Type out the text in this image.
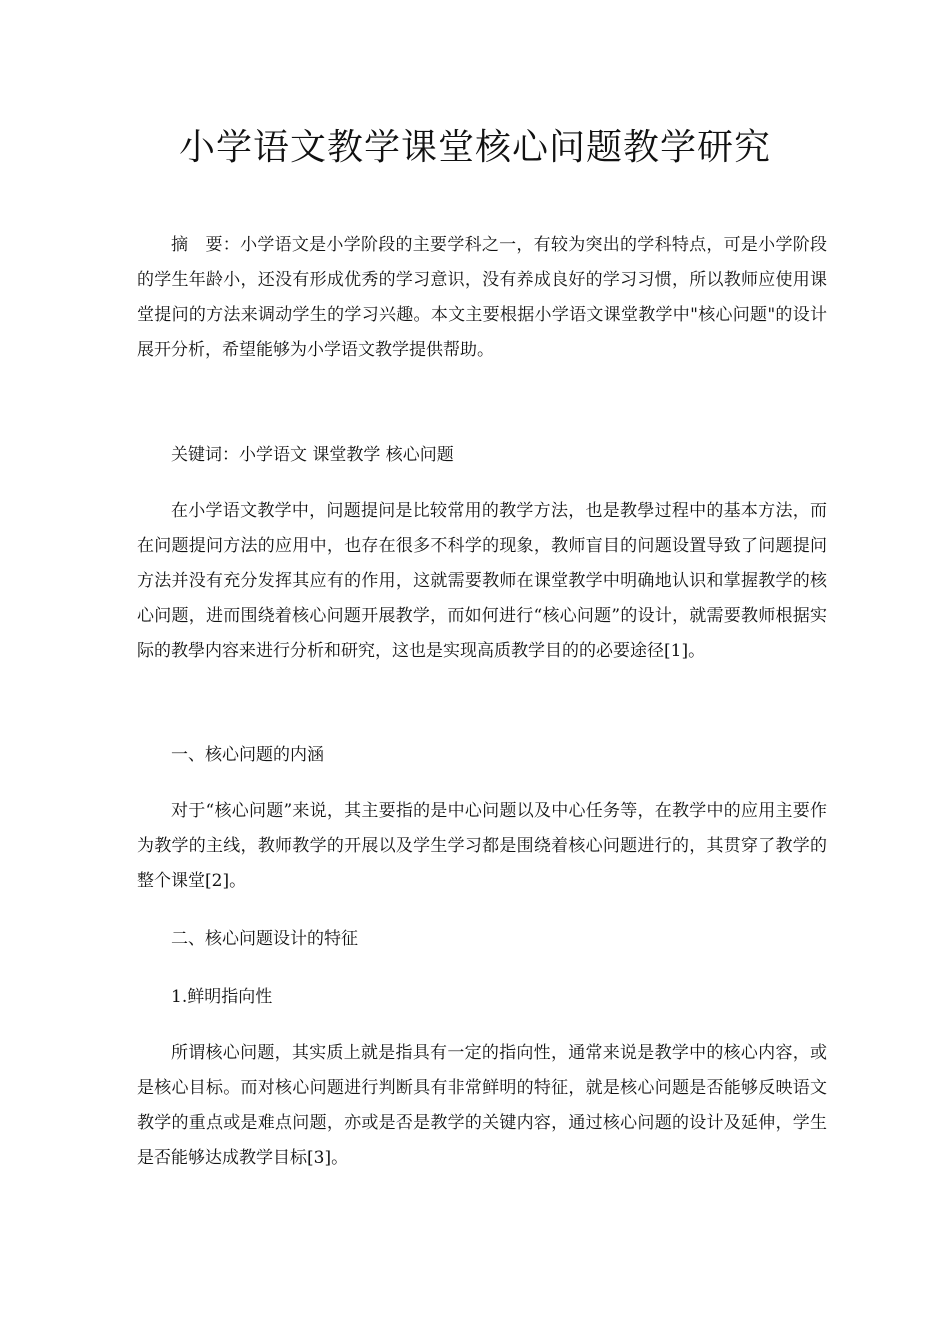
小学语文教学课堂核心问题教学研究

摘　要：小学语文是小学阶段的主要学科之一，有较为突出的学科特点，可是小学阶段的学生年龄小，还没有形成优秀的学习意识，没有养成良好的学习习惯，所以教师应使用课堂提问的方法来调动学生的学习兴趣。本文主要根据小学语文课堂教学中"核心问题"的设计展开分析，希望能够为小学语文教学提供帮助。

关键词：小学语文 课堂教学 核心问题

在小学语文教学中，问题提问是比较常用的教学方法，也是教學过程中的基本方法，而在问题提问方法的应用中，也存在很多不科学的现象，教师盲目的问题设置导致了问题提问方法并没有充分发挥其应有的作用，这就需要教师在课堂教学中明确地认识和掌握教学的核心问题，进而围绕着核心问题开展教学，而如何进行“核心问题”的设计，就需要教师根据实际的教學内容来进行分析和研究，这也是实现高质教学目的的必要途径[1]。

一、核心问题的内涵

对于“核心问题”来说，其主要指的是中心问题以及中心任务等，在教学中的应用主要作为教学的主线，教师教学的开展以及学生学习都是围绕着核心问题进行的，其贯穿了教学的整个课堂[2]。

二、核心问题设计的特征

1.鲜明指向性

所谓核心问题，其实质上就是指具有一定的指向性，通常来说是教学中的核心内容，或是核心目标。而对核心问题进行判断具有非常鲜明的特征，就是核心问题是否能够反映语文教学的重点或是难点问题，亦或是否是教学的关键内容，通过核心问题的设计及延伸，学生是否能够达成教学目标[3]。
